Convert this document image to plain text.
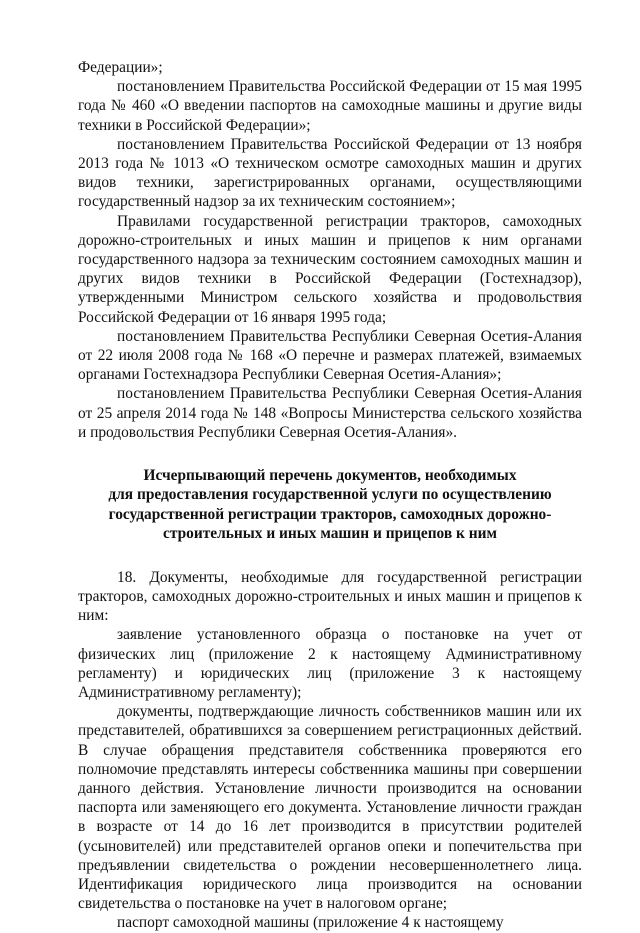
Федерации»;

постановлением Правительства Российской Федерации от 15 мая 1995 года № 460 «О введении паспортов на самоходные машины и другие виды техники в Российской Федерации»;

постановлением Правительства Российской Федерации от 13 ноября 2013 года № 1013 «О техническом осмотре самоходных машин и других видов техники, зарегистрированных органами, осуществляющими государственный надзор за их техническим состоянием»;

Правилами государственной регистрации тракторов, самоходных дорожно-строительных и иных машин и прицепов к ним органами государственного надзора за техническим состоянием самоходных машин и других видов техники в Российской Федерации (Гостехнадзор), утвержденными Министром сельского хозяйства и продовольствия Российской Федерации от 16 января 1995 года;

постановлением Правительства Республики Северная Осетия-Алания от 22 июля 2008 года № 168 «О перечне и размерах платежей, взимаемых органами Гостехнадзора Республики Северная Осетия-Алания»;

постановлением Правительства Республики Северная Осетия-Алания от 25 апреля 2014 года № 148 «Вопросы Министерства сельского хозяйства и продовольствия Республики Северная Осетия-Алания».

Исчерпывающий перечень документов, необходимых
для предоставления государственной услуги по осуществлению
государственной регистрации тракторов, самоходных дорожно-
строительных и иных машин и прицепов к ним

18. Документы, необходимые для государственной регистрации тракторов, самоходных дорожно-строительных и иных машин и прицепов к ним:

заявление установленного образца о постановке на учет от физических лиц (приложение 2 к настоящему Административному регламенту) и юридических лиц (приложение 3 к настоящему Административному регламенту);

документы, подтверждающие личность собственников машин или их представителей, обратившихся за совершением регистрационных действий. В случае обращения представителя собственника проверяются его полномочие представлять интересы собственника машины при совершении данного действия. Установление личности производится на основании паспорта или заменяющего его документа. Установление личности граждан в возрасте от 14 до 16 лет производится в присутствии родителей (усыновителей) или представителей органов опеки и попечительства при предъявлении свидетельства о рождении несовершеннолетнего лица. Идентификация юридического лица производится на основании свидетельства о постановке на учет в налоговом органе;

паспорт самоходной машины (приложение 4 к настоящему
